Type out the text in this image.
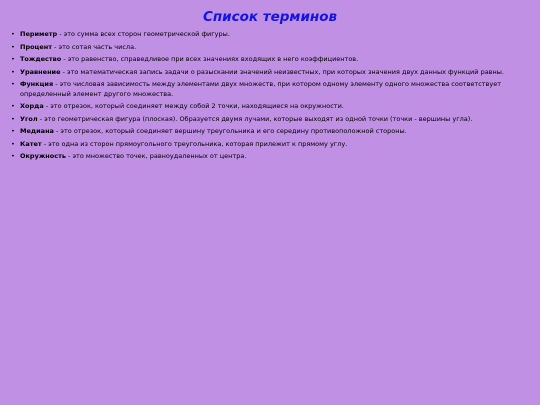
Список терминов
• Периметр - это сумма всех сторон геометрической фигуры.
• Процент - это сотая часть числа.
• Тождество - это равенство, справедливое при всех значениях входящих в него коэффициентов.
• Уравнение - это математическая запись задачи о разыскании значений неизвестных, при которых значения двух данных функций равны.
• Функция - это числовая зависимость между элементами двух множеств, при котором одному элементу одного множества соответствует определенный элемент другого множества.
• Хорда - это отрезок, который соединяет между собой 2 точки, находящиеся на окружности.
• Угол - это геометрическая фигура (плоская). Образуется двумя лучами, которые выходят из одной точки (точки - вершины угла).
• Медиана - это отрезок, который соединяет вершину треугольника и его середину противоположной стороны.
• Катет - это одна из сторон прямоугольного треугольника, которая прилежит к прямому углу.
• Окружность - это множество точек, равноудаленных от центра.
